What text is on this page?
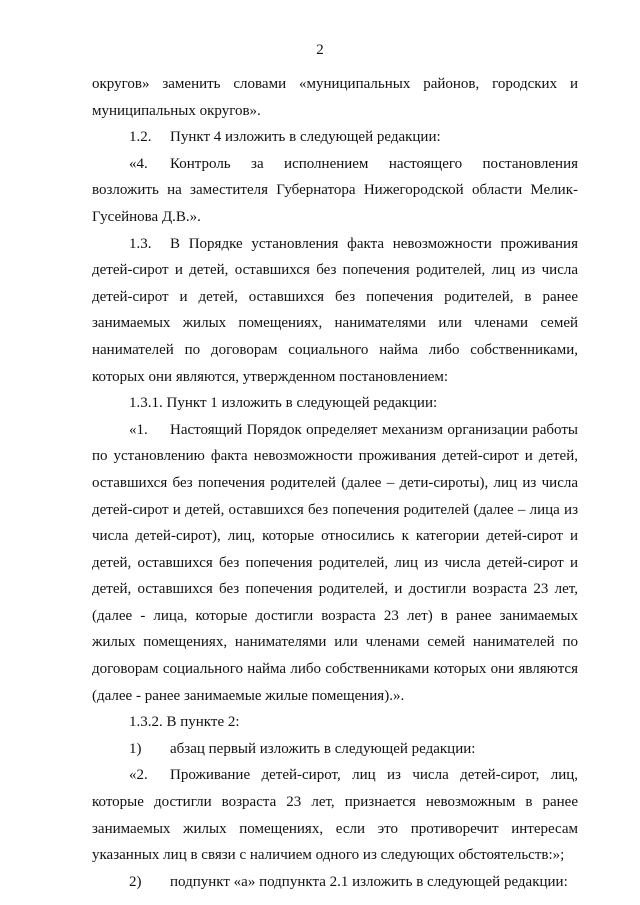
2

округов» заменить словами «муниципальных районов, городских и муниципальных округов».

1.2.	Пункт 4 изложить в следующей редакции:

«4. Контроль за исполнением настоящего постановления возложить на заместителя Губернатора Нижегородской области Мелик-Гусейнова Д.В.».

1.3. В Порядке установления факта невозможности проживания детей-сирот и детей, оставшихся без попечения родителей, лиц из числа детей-сирот и детей, оставшихся без попечения родителей, в ранее занимаемых жилых помещениях, нанимателями или членами семей нанимателей по договорам социального найма либо собственниками, которых они являются, утвержденном постановлением:

1.3.1. Пункт 1 изложить в следующей редакции:

«1. Настоящий Порядок определяет механизм организации работы по установлению факта невозможности проживания детей-сирот и детей, оставшихся без попечения родителей (далее – дети-сироты), лиц из числа детей-сирот и детей, оставшихся без попечения родителей (далее – лица из числа детей-сирот), лиц, которые относились к категории детей-сирот и детей, оставшихся без попечения родителей, лиц из числа детей-сирот и детей, оставшихся без попечения родителей, и достигли возраста 23 лет, (далее - лица, которые достигли возраста 23 лет) в ранее занимаемых жилых помещениях, нанимателями или членами семей нанимателей по договорам социального найма либо собственниками которых они являются (далее - ранее занимаемые жилые помещения).».

1.3.2. В пункте 2:

1)	абзац первый изложить в следующей редакции:

«2. Проживание детей-сирот, лиц из числа детей-сирот, лиц, которые достигли возраста 23 лет, признается невозможным в ранее занимаемых жилых помещениях, если это противоречит интересам указанных лиц в связи с наличием одного из следующих обстоятельств:»;

2)	подпункт «а» подпункта 2.1 изложить в следующей редакции:
